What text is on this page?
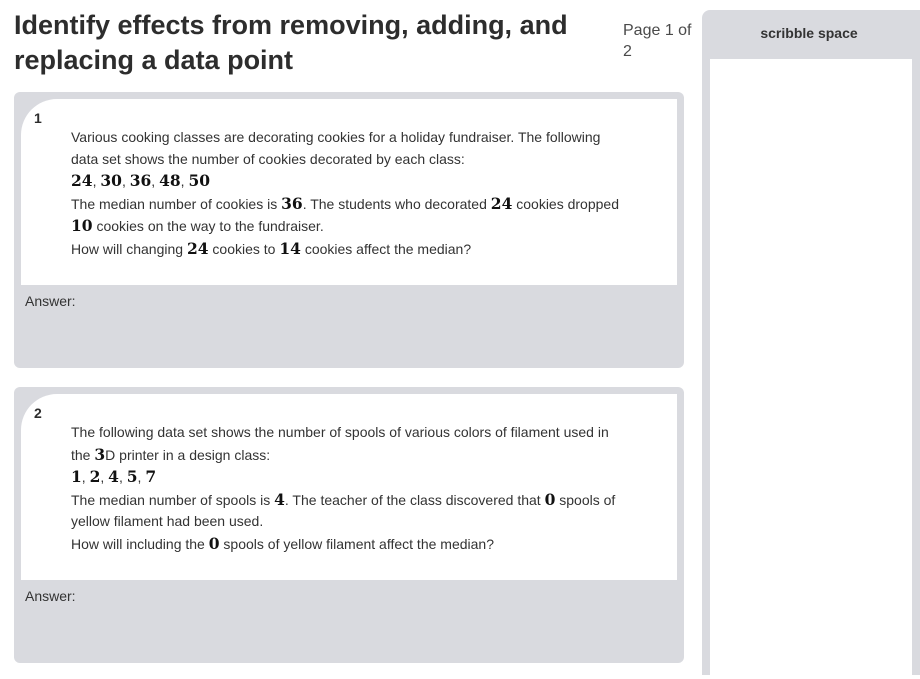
Identify effects from removing, adding, and replacing a data point
Page 1 of 2
scribble space
1

Various cooking classes are decorating cookies for a holiday fundraiser. The following data set shows the number of cookies decorated by each class:

24, 30, 36, 48, 50

The median number of cookies is 36. The students who decorated 24 cookies dropped 10 cookies on the way to the fundraiser.

How will changing 24 cookies to 14 cookies affect the median?

Answer:
2

The following data set shows the number of spools of various colors of filament used in the 3D printer in a design class:

1, 2, 4, 5, 7

The median number of spools is 4. The teacher of the class discovered that 0 spools of yellow filament had been used.

How will including the 0 spools of yellow filament affect the median?

Answer:
